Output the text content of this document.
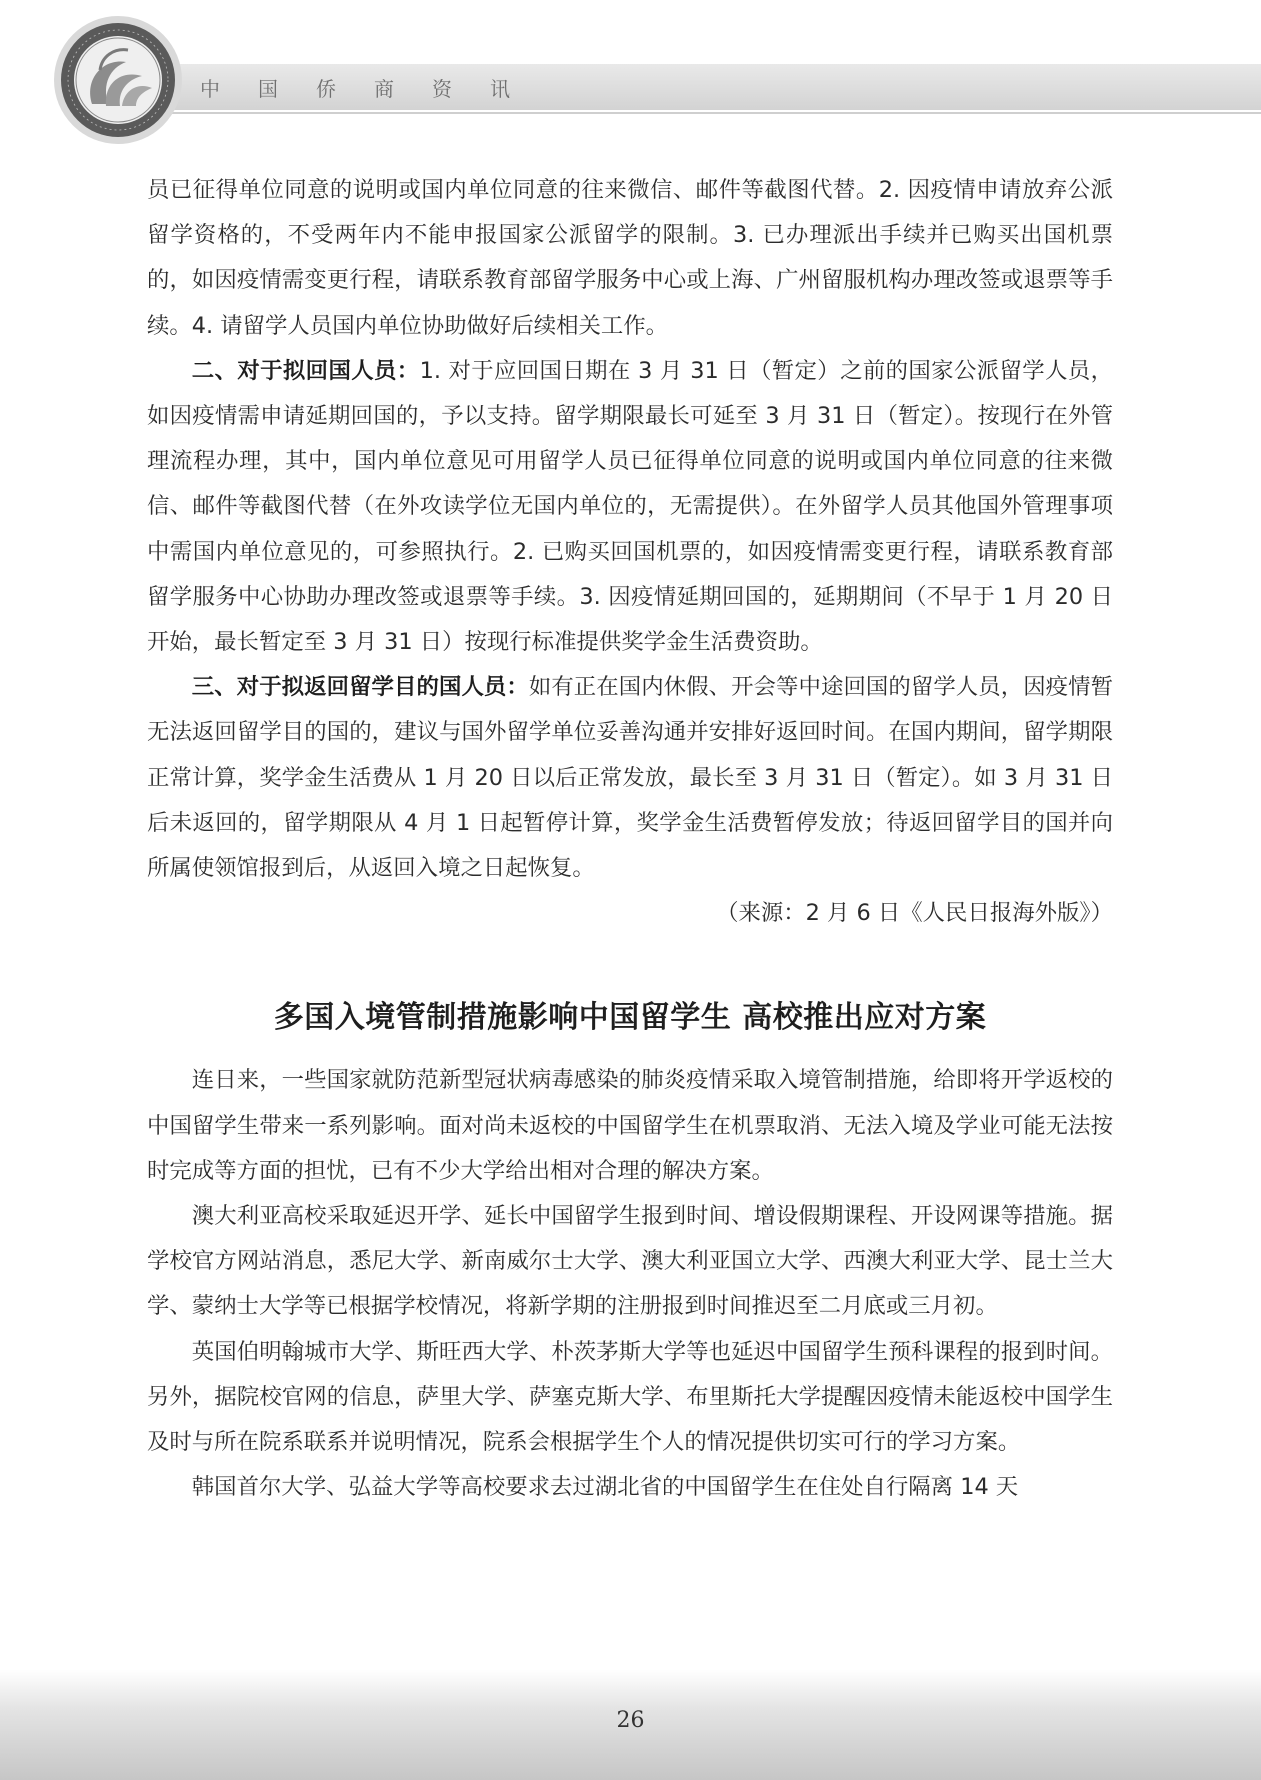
中国侨商资讯

员已征得单位同意的说明或国内单位同意的往来微信、邮件等截图代替。2. 因疫情申请放弃公派留学资格的，不受两年内不能申报国家公派留学的限制。3. 已办理派出手续并已购买出国机票的，如因疫情需变更行程，请联系教育部留学服务中心或上海、广州留服机构办理改签或退票等手续。4. 请留学人员国内单位协助做好后续相关工作。

二、对于拟回国人员：1. 对于应回国日期在 3 月 31 日（暂定）之前的国家公派留学人员，如因疫情需申请延期回国的，予以支持。留学期限最长可延至 3 月 31 日（暂定）。按现行在外管理流程办理，其中，国内单位意见可用留学人员已征得单位同意的说明或国内单位同意的往来微信、邮件等截图代替（在外攻读学位无国内单位的，无需提供）。在外留学人员其他国外管理事项中需国内单位意见的，可参照执行。2. 已购买回国机票的，如因疫情需变更行程，请联系教育部留学服务中心协助办理改签或退票等手续。3. 因疫情延期回国的，延期期间（不早于 1 月 20 日开始，最长暂定至 3 月 31 日）按现行标准提供奖学金生活费资助。

三、对于拟返回留学目的国人员：如有正在国内休假、开会等中途回国的留学人员，因疫情暂无法返回留学目的国的，建议与国外留学单位妥善沟通并安排好返回时间。在国内期间，留学期限正常计算，奖学金生活费从 1 月 20 日以后正常发放，最长至 3 月 31 日（暂定）。如 3 月 31 日后未返回的，留学期限从 4 月 1 日起暂停计算，奖学金生活费暂停发放；待返回留学目的国并向所属使领馆报到后，从返回入境之日起恢复。

（来源：2 月 6 日《人民日报海外版》）

多国入境管制措施影响中国留学生 高校推出应对方案

连日来，一些国家就防范新型冠状病毒感染的肺炎疫情采取入境管制措施，给即将开学返校的中国留学生带来一系列影响。面对尚未返校的中国留学生在机票取消、无法入境及学业可能无法按时完成等方面的担忧，已有不少大学给出相对合理的解决方案。

澳大利亚高校采取延迟开学、延长中国留学生报到时间、增设假期课程、开设网课等措施。据学校官方网站消息，悉尼大学、新南威尔士大学、澳大利亚国立大学、西澳大利亚大学、昆士兰大学、蒙纳士大学等已根据学校情况，将新学期的注册报到时间推迟至二月底或三月初。

英国伯明翰城市大学、斯旺西大学、朴茨茅斯大学等也延迟中国留学生预科课程的报到时间。另外，据院校官网的信息，萨里大学、萨塞克斯大学、布里斯托大学提醒因疫情未能返校中国学生及时与所在院系联系并说明情况，院系会根据学生个人的情况提供切实可行的学习方案。

韩国首尔大学、弘益大学等高校要求去过湖北省的中国留学生在住处自行隔离 14 天

26
